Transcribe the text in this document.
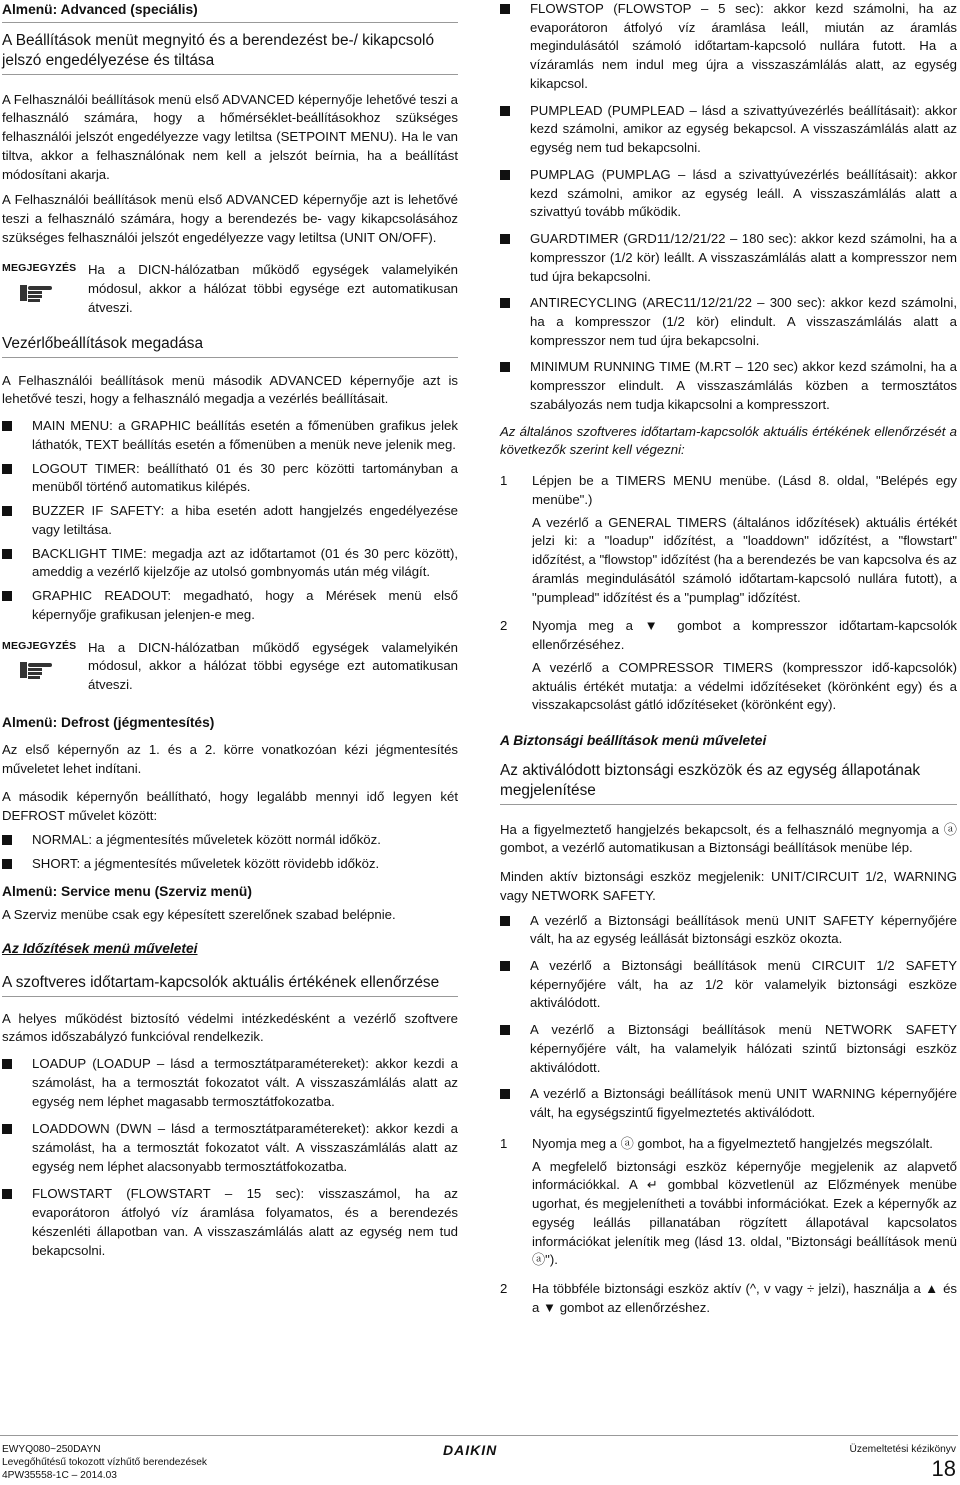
Almenü: Advanced (speciális)
A Beállítások menüt megnyitó és a berendezést be-/ kikapcsoló jelszó engedélyezése és tiltása

A Felhasználói beállítások menü első ADVANCED képernyője lehetővé teszi a felhasználó számára, hogy a hőmérséklet-beállításokhoz szükséges felhasználói jelszót engedélyezze vagy letiltsa (SETPOINT MENU). Ha le van tiltva, akkor a felhasználónak nem kell a jelszót beírnia, ha a beállítást módosítani akarja.

A Felhasználói beállítások menü első ADVANCED képernyője azt is lehetővé teszi a felhasználó számára, hogy a berendezés be- vagy kikapcsolásához szükséges felhasználói jelszót engedélyezze vagy letiltsa (UNIT ON/OFF).

MEGJEGYZÉS Ha a DICN-hálózatban működő egységek valamelyikén módosul, akkor a hálózat többi egysége ezt automatikusan átveszi.
Vezérlőbeállítások megadása

A Felhasználói beállítások menü második ADVANCED képernyője azt is lehetővé teszi, hogy a felhasználó megadja a vezérlés beállításait.

MAIN MENU: a GRAPHIC beállítás esetén a főmenüben grafikus jelek láthatók, TEXT beállítás esetén a főmenüben a menük neve jelenik meg.
LOGOUT TIMER: beállítható 01 és 30 perc közötti tartományban a menüből történő automatikus kilépés.
BUZZER IF SAFETY: a hiba esetén adott hangjelzés engedélyezése vagy letiltása.
BACKLIGHT TIME: megadja azt az időtartamot (01 és 30 perc között), ameddig a vezérlő kijelzője az utolsó gombnyomás után még világít.
GRAPHIC READOUT: megadható, hogy a Mérések menü első képernyője grafikusan jelenjen-e meg.
MEGJEGYZÉS Ha a DICN-hálózatban működő egységek valamelyikén módosul, akkor a hálózat többi egysége ezt automatikusan átveszi.
Almenü: Defrost (jégmentesítés)

Az első képernyőn az 1. és a 2. körre vonatkozóan kézi jégmentesítés műveletet lehet indítani.

A második képernyőn beállítható, hogy legalább mennyi idő legyen két DEFROST művelet között:

NORMAL: a jégmentesítés műveletek között normál időköz.
SHORT: a jégmentesítés műveletek között rövidebb időköz.
Almenü: Service menu (Szerviz menü)

A Szerviz menübe csak egy képesített szerelőnek szabad belépnie.

Az Időzítések menü műveletei
A szoftveres időtartam-kapcsolók aktuális értékének ellenőrzése

A helyes működést biztosító védelmi intézkedésként a vezérlő szoftvere számos időszabályzó funkcióval rendelkezik.

LOADUP (LOADUP – lásd a termosztátparamétereket): akkor kezdi a számolást, ha a termosztát fokozatot vált. A visszaszámlálás alatt az egység nem léphet magasabb termosztátfokozatba.
LOADDOWN (DWN – lásd a termosztátparamétereket): akkor kezdi a számolást, ha a termosztát fokozatot vált. A visszaszámlálás alatt az egység nem léphet alacsonyabb termosztátfokozatba.
FLOWSTART (FLOWSTART – 15 sec): visszaszámol, ha az evaporátoron átfolyó víz áramlása folyamatos, és a berendezés készenléti állapotban van. A visszaszámlálás alatt az egység nem tud bekapcsolni.
FLOWSTOP (FLOWSTOP – 5 sec): akkor kezd számolni, ha az evaporátoron átfolyó víz áramlása leáll, miután az áramlás megindulásától számoló időtartam-kapcsoló nullára futott. Ha a vízáramlás nem indul meg újra a visszaszámlálás alatt, az egység kikapcsol.
PUMPLEAD (PUMPLEAD – lásd a szivattyúvezérlés beállításait): akkor kezd számolni, amikor az egység bekapcsol. A visszaszámlálás alatt az egység nem tud bekapcsolni.
PUMPLAG (PUMPLAG – lásd a szivattyúvezérlés beállításait): akkor kezd számolni, amikor az egység leáll. A visszaszámlálás alatt a szivattyú tovább működik.
GUARDTIMER (GRD11/12/21/22 – 180 sec): akkor kezd számolni, ha a kompresszor (1/2 kör) leállt. A visszaszámlálás alatt a kompresszor nem tud újra bekapcsolni.
ANTIRECYCLING (AREC11/12/21/22 – 300 sec): akkor kezd számolni, ha a kompresszor (1/2 kör) elindult. A visszaszámlálás alatt a kompresszor nem tud újra bekapcsolni.
MINIMUM RUNNING TIME (M.RT – 120 sec) akkor kezd számolni, ha a kompresszor elindult. A visszaszámlálás közben a termosztátos szabályozás nem tudja kikapcsolni a kompresszort.

Az általános szoftveres időtartam-kapcsolók aktuális értékének ellenőrzését a következők szerint kell végezni:

1 Lépjen be a TIMERS MENU menübe. (Lásd 8. oldal, "Belépés egy menübe".)
A vezérlő a GENERAL TIMERS (általános időzítések) aktuális értékét jelzi ki: a "loadup" időzítést, a "loaddown" időzítést, a "flowstart" időzítést, a "flowstop" időzítést (ha a berendezés be van kapcsolva és az áramlás megindulásától számoló időtartam-kapcsoló nullára futott), a "pumplead" időzítést és a "pumplag" időzítést.
2 Nyomja meg a ▼ gombot a kompresszor időtartam-kapcsolók ellenőrzéséhez.
A vezérlő a COMPRESSOR TIMERS (kompresszor idő-kapcsolók) aktuális értékét mutatja: a védelmi időzítéseket (körönként egy) és a visszakapcsolást gátló időzítéseket (körönként egy).
A Biztonsági beállítások menü műveletei
Az aktiválódott biztonsági eszközök és az egység állapotának megjelenítése

Ha a figyelmeztető hangjelzés bekapcsolt, és a felhasználó megnyomja a ⓐ gombot, a vezérlő automatikusan a Biztonsági beállítások menübe lép.

Minden aktív biztonsági eszköz megjelenik: UNIT/CIRCUIT 1/2, WARNING vagy NETWORK SAFETY.

A vezérlő a Biztonsági beállítások menü UNIT SAFETY képernyőjére vált, ha az egység leállását biztonsági eszköz okozta.
A vezérlő a Biztonsági beállítások menü CIRCUIT 1/2 SAFETY képernyőjére vált, ha az 1/2 kör valamelyik biztonsági eszköze aktiválódott.
A vezérlő a Biztonsági beállítások menü NETWORK SAFETY képernyőjére vált, ha valamelyik hálózati szintű biztonsági eszköz aktiválódott.
A vezérlő a Biztonsági beállítások menü UNIT WARNING képernyőjére vált, ha egységszintű figyelmeztetés aktiválódott.
1 Nyomja meg a ⓐ gombot, ha a figyelmeztető hangjelzés megszólalt.
A megfelelő biztonsági eszköz képernyője megjelenik az alapvető információkkal. A ↵ gombbal közvetlenül az Előzmények menübe ugorhat, és megjelenítheti a további információkat. Ezek a képernyők az egység leállás pillanatában rögzített állapotával kapcsolatos információkat jelenítik meg (lásd 13. oldal, "Biztonsági beállítások menü ⓐ").
2 Ha többféle biztonsági eszköz aktív (^, v vagy ÷ jelzi), használja a ▲ és a ▼ gombot az ellenőrzéshez.
EWYQ080~250DAYN
Levegőhűtésű tokozott vízhűtő berendezések
4PW35558-1C – 2014.03
DAIKIN	Üzemeltetési kézikönyv
18
